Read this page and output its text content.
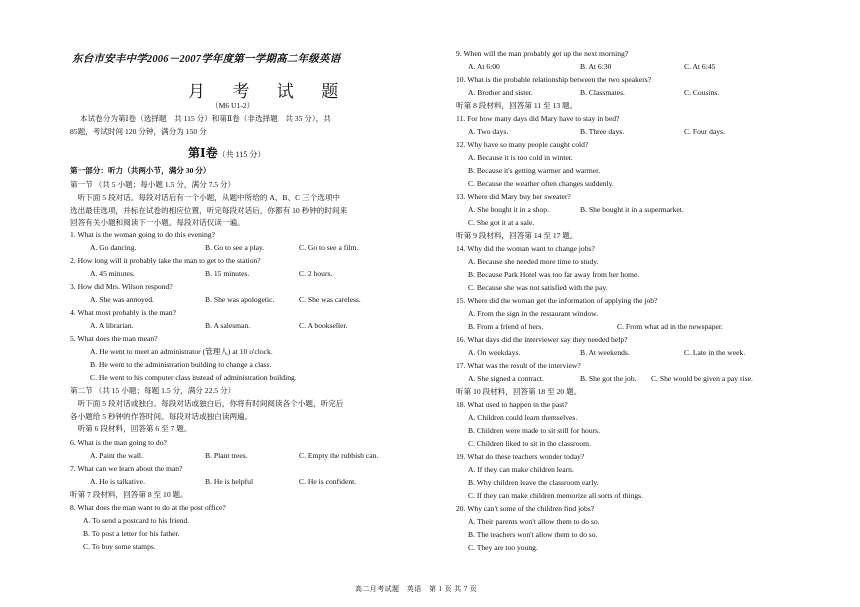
东台市安丰中学2006－2007学年度第一学期高二年级英语
月 考 试 题
（M6 U1-2）
本试卷分为第Ⅰ卷（选择题　共 115 分）和第Ⅱ卷（非选择题　共 35 分），共
85题，考试时间 120 分钟，满分为 150 分
第Ⅰ卷（共 115 分）
第一部分：听力（共两小节，满分 30 分）
第一节 （共 5 小题；每小题 1.5 分，满分 7.5 分）
　听下面 5 段对话。每段对话后有一个小题，从题中所给的 A、B、C 三个选项中
选出最佳选项，并标在试卷的相应位置，听完每段对话后，你都有 10 秒钟的时间来
回答有关小题和阅读下一小题。每段对话仅读一遍。
1. What is the woman going to do this evening?
A. Go dancing.	B. Go to see a play.	C. Go to see a film.
2. How long will it probably take the man to get to the station?
A. 45 minutes.	B. 15 minutes.	C. 2 hours.
3. How did Mrs. Wilson respond?
A. She was annoyed.	B. She was apologetic.	C. She was careless.
4. What most probably is the man?
A. A librarian.	B. A salesman.	C. A bookseller.
5. What does the man mean?
A. He went to meet an administrator (管理人) at 10 o'clock.
B. He went to the administration building to change a class.
C. He went to his computer class instead of administration building.
第二节 （共 15 小题；每题 1.5 分，满分 22.5 分）
　听下面 5 段对话或独白。每段对话或独白后，你将有时间阅读各个小题，听完后
各小题给 5 秒钟的作答时间。每段对话或独白读两遍。
　听第 6 段材料，回答第 6 至 7 题。
6. What is the man going to do?
A. Paint the wall.	B. Plant trees.	C. Empty the rubbish can.
7. What can we learn about the man?
A. He is talkative.	B. He is helpful	C. He is confident.
听第 7 段材料，回答第 8 至 10 题。
8. What does the man want to do at the post office?
A. To send a postcard to his friend.
B. To post a letter for his father.
C. To buy some stamps.
9. When will the man probably get up the next morning?
A. At 6:00	B. At 6:30	C. At 6:45
10. What is the probable relationship between the two speakers?
A. Brother and sister.	B. Classmates.	C. Cousins.
听第 8 段材料，回答第 11 至 13 题。
11. For how many days did Mary have to stay in bed?
A. Two days.	B. Three days.	C. Four days.
12. Why have so many people caught cold?
A. Because it is too cold in winter.
B. Because it's getting warmer and warmer.
C. Because the weather often changes suddenly.
13. Where did Mary buy her sweater?
A. She bought it in a shop.	B. She bought it in a supermarket.
C. She got it at a sale.
听第 9 段材料，回答第 14 至 17 题。
14. Why did the woman want to change jobs?
A. Because she needed more time to study.
B. Because Park Hotel was too far away from her home.
C. Because she was not satisfied with the pay.
15. Where did the woman get the information of applying the job?
A. From the sign in the restaurant window.
B. From a friend of hers.	C. From what ad in the newspaper.
16. What days did the interviewer say they needed help?
A. On weekdays.	B. At weekends.	C. Late in the week.
17. What was the result of the interview?
A. She signed a contract.	B. She got the job. C. She would be given a pay rise.
听第 10 段材料，回答第 18 至 20 题。
18. What used to happen in the past?
A. Children could learn themselves.
B. Children were made to sit still for hours.
C. Children liked to sit in the classroom.
19. What do these teachers wonder today?
A. If they can make children learn.
B. Why children leave the classroom early.
C. If they can make children memorize all sorts of things.
20. Why can't some of the children find jobs?
A. Their parents won't allow them to do so.
B. The teachers won't allow them to do so.
C. They are too young.
高二月考试题　英语　第 1 页 共 7 页
